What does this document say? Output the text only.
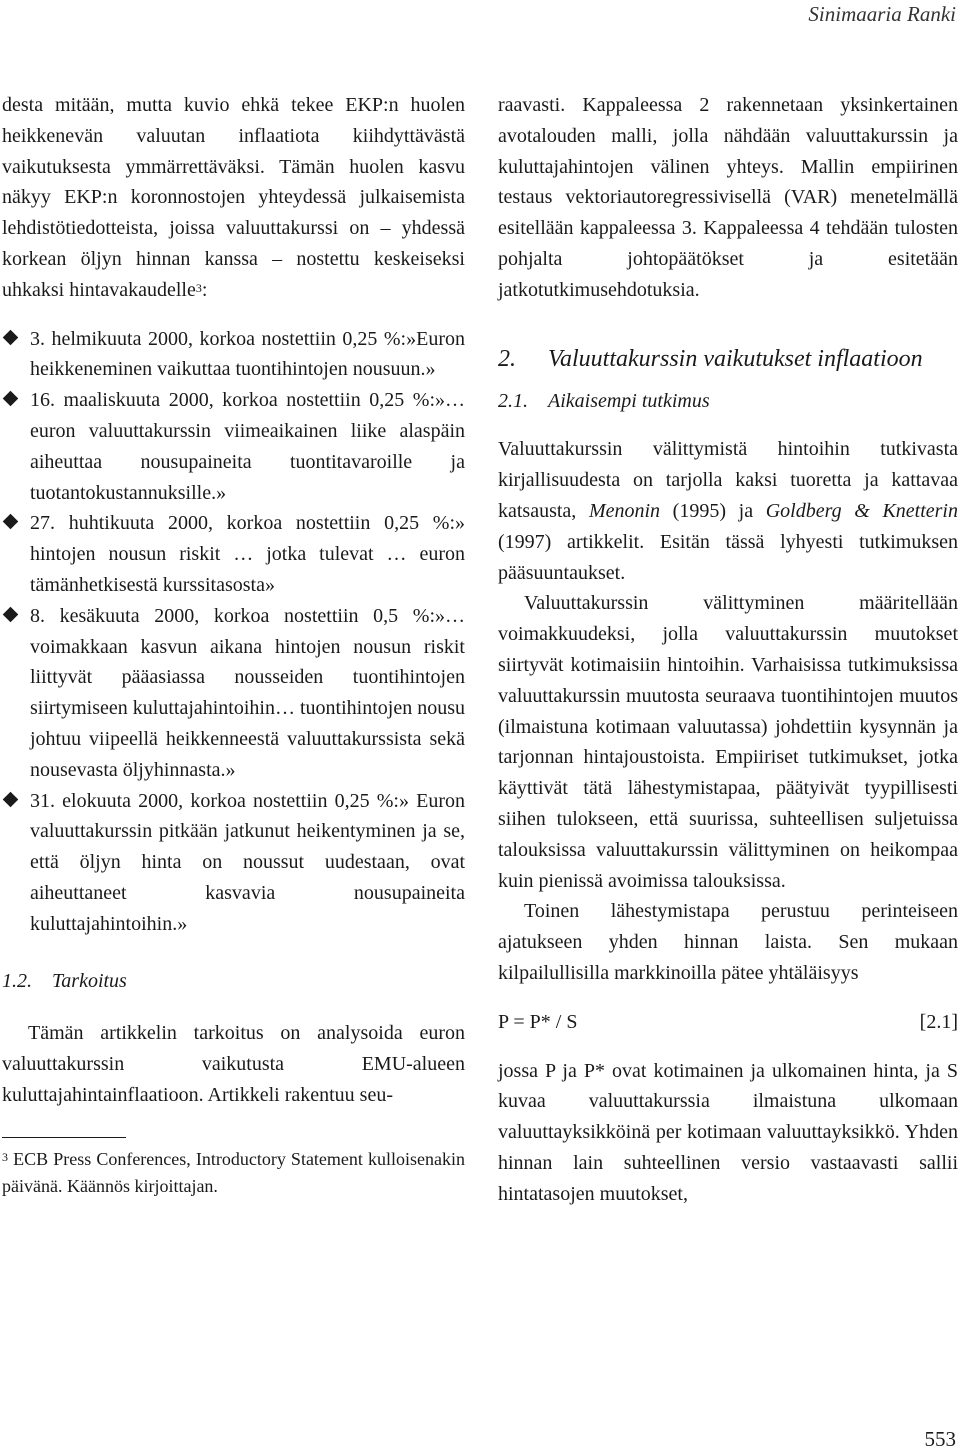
Sinimaaria Ranki

desta mitään, mutta kuvio ehkä tekee EKP:n huolen heikkenevän valuutan inflaatiota kiihdyttävästä vaikutuksesta ymmärrettäväksi. Tämän huolen kasvu näkyy EKP:n koronnostojen yhteydessä julkaisemista lehdistötiedotteista, joissa valuuttakurssi on – yhdessä korkean öljyn hinnan kanssa – nostettu keskeiseksi uhkaksi hintavakaudelle$^3$:

3. helmikuuta 2000, korkoa nostettiin 0,25 %:»Euron heikkeneminen vaikuttaa tuontihintojen nousuun.»
16. maaliskuuta 2000, korkoa nostettiin 0,25 %:»… euron valuuttakurssin viimeaikainen liike alaspäin aiheuttaa nousupaineita tuontitavaroille ja tuotantokustannuksille.»
27. huhtikuuta 2000, korkoa nostettiin 0,25 %:» hintojen nousun riskit … jotka tulevat … euron tämänhetkisestä kurssitasosta»
8. kesäkuuta 2000, korkoa nostettiin 0,5 %:»… voimakkaan kasvun aikana hintojen nousun riskit liittyvät pääasiassa nousseiden tuontihintojen siirtymiseen kuluttajahintoihin… tuontihintojen nousu johtuu viipeellä heikkenneestä valuuttakurssista sekä nousevasta öljyhinnasta.»
31. elokuuta 2000, korkoa nostettiin 0,25 %:» Euron valuuttakurssin pitkään jatkunut heikentyminen ja se, että öljyn hinta on noussut uudestaan, ovat aiheuttaneet kasvavia nousupaineita kuluttajahintoihin.»
1.2. Tarkoitus

Tämän artikkelin tarkoitus on analysoida euron valuuttakurssin vaikutusta EMU-alueen kuluttajahintainflaatioon. Artikkeli rakentuu seu-

$^3$ ECB Press Conferences, Introductory Statement kulloisenakin päivänä. Käännös kirjoittajan.

raavasti. Kappaleessa 2 rakennetaan yksinkertainen avotalouden malli, jolla nähdään valuuttakurssin ja kuluttajahintojen välinen yhteys. Mallin empiirinen testaus vektoriautoregressivisellä (VAR) menetelmällä esitellään kappaleessa 3. Kappaleessa 4 tehdään tulosten pohjalta johtopäätökset ja esitetään jatkotutkimusehdotuksia.

2.	Valuuttakurssin vaikutukset inflaatioon
2.1.	Aikaisempi tutkimus

Valuuttakurssin välittymistä hintoihin tutkivasta kirjallisuudesta on tarjolla kaksi tuoretta ja kattavaa katsausta, Menonin (1995) ja Goldberg & Knetterin (1997) artikkelit. Esitän tässä lyhyesti tutkimuksen pääsuuntaukset.

Valuuttakurssin välittyminen määritellään voimakkuudeksi, jolla valuuttakurssin muutokset siirtyvät kotimaisiin hintoihin. Varhaisissa tutkimuksissa valuuttakurssin muutosta seuraava tuontihintojen muutos (ilmaistuna kotimaan valuutassa) johdettiin kysynnän ja tarjonnan hintajoustoista. Empiiriset tutkimukset, jotka käyttivät tätä lähestymistapaa, päätyivät tyypillisesti siihen tulokseen, että suurissa, suhteellisen suljetuissa talouksissa valuuttakurssin välittyminen on heikompaa kuin pienissä avoimissa talouksissa.

Toinen lähestymistapa perustuu perinteiseen ajatukseen yhden hinnan laista. Sen mukaan kilpailullisilla markkinoilla pätee yhtäläisyys

P = P* / S	[2.1]

jossa P ja P* ovat kotimainen ja ulkomainen hinta, ja S kuvaa valuuttakurssia ilmaistuna ulkomaan valuuttayksikköinä per kotimaan valuuttayksikkö. Yhden hinnan lain suhteellinen versio vastaavasti sallii hintatasojen muutokset,

553
